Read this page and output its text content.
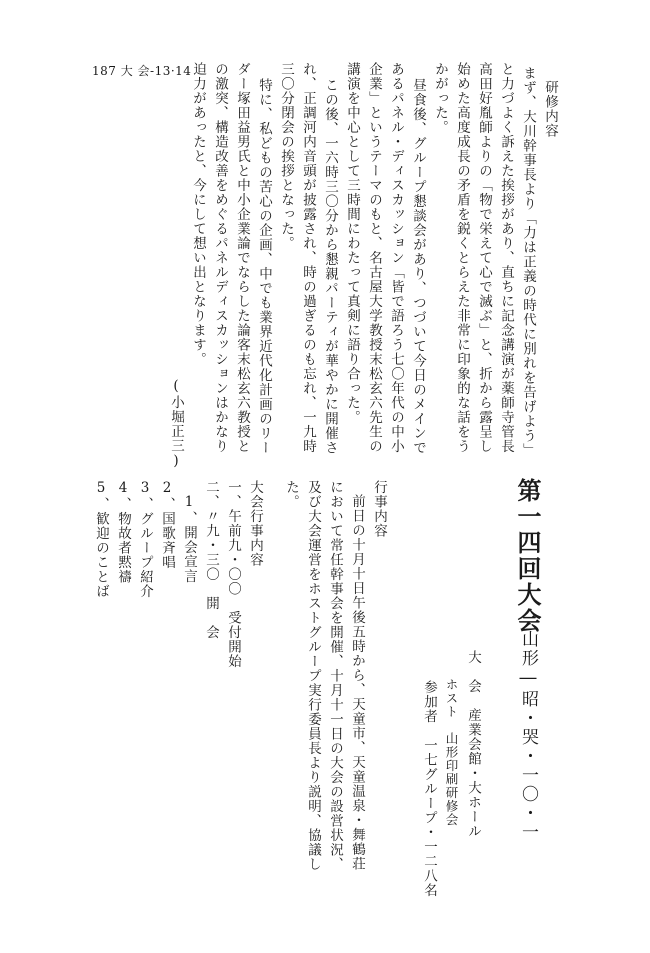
187 大 会-13·14
研修内容
まず、大川幹事長より「力は正義の時代に別れを告げよう」
と力づよく訴えた挨拶があり、直ちに記念講演が薬師寺管長
高田好胤師よりの「物で栄えて心で滅ぶ」と、折から露呈し
始めた高度成長の矛盾を鋭くとらえた非常に印象的な話をう
かがった。
昼食後、グループ懇談会があり、つづいて今日のメインで
あるパネル・ディスカッション「皆で語ろう七〇年代の中小
企業」というテーマのもと、名古屋大学教授末松玄六先生の
講演を中心として三時間にわたって真剣に語り合った。
この後、一六時三〇分から懇親パーティが華やかに開催さ
れ、正調河内音頭が披露され、時の過ぎるのも忘れ、一九時
三〇分閉会の挨拶となった。
特に、私どもの苦心の企画、中でも業界近代化計画のリー
ダー塚田益男氏と中小企業論でならした論客末松玄六教授と
の激突、構造改善をめぐるパネルディスカッションはかなり
迫力があったと、今にして想い出となります。
(小堀正三)
第一四回大会
山形―昭・哭・一〇・一
大　会　産業会館・大ホール
ホスト　山形印刷研修会
参加者　一七グループ・一二八名
行事内容
前日の十月十日午後五時から、天童市、天童温泉・舞鶴荘
において常任幹事会を開催、十月十一日の大会の設営状況、
及び大会運営をホストグループ実行委員長より説明、協議し
た。
大会行事内容
一、午前九・〇〇　受付開始
二、〃九・三〇　開　会
1、開会宣言
2、国歌斉唱
3、グループ紹介
4、物故者黙禱
5、歓迎のことば
